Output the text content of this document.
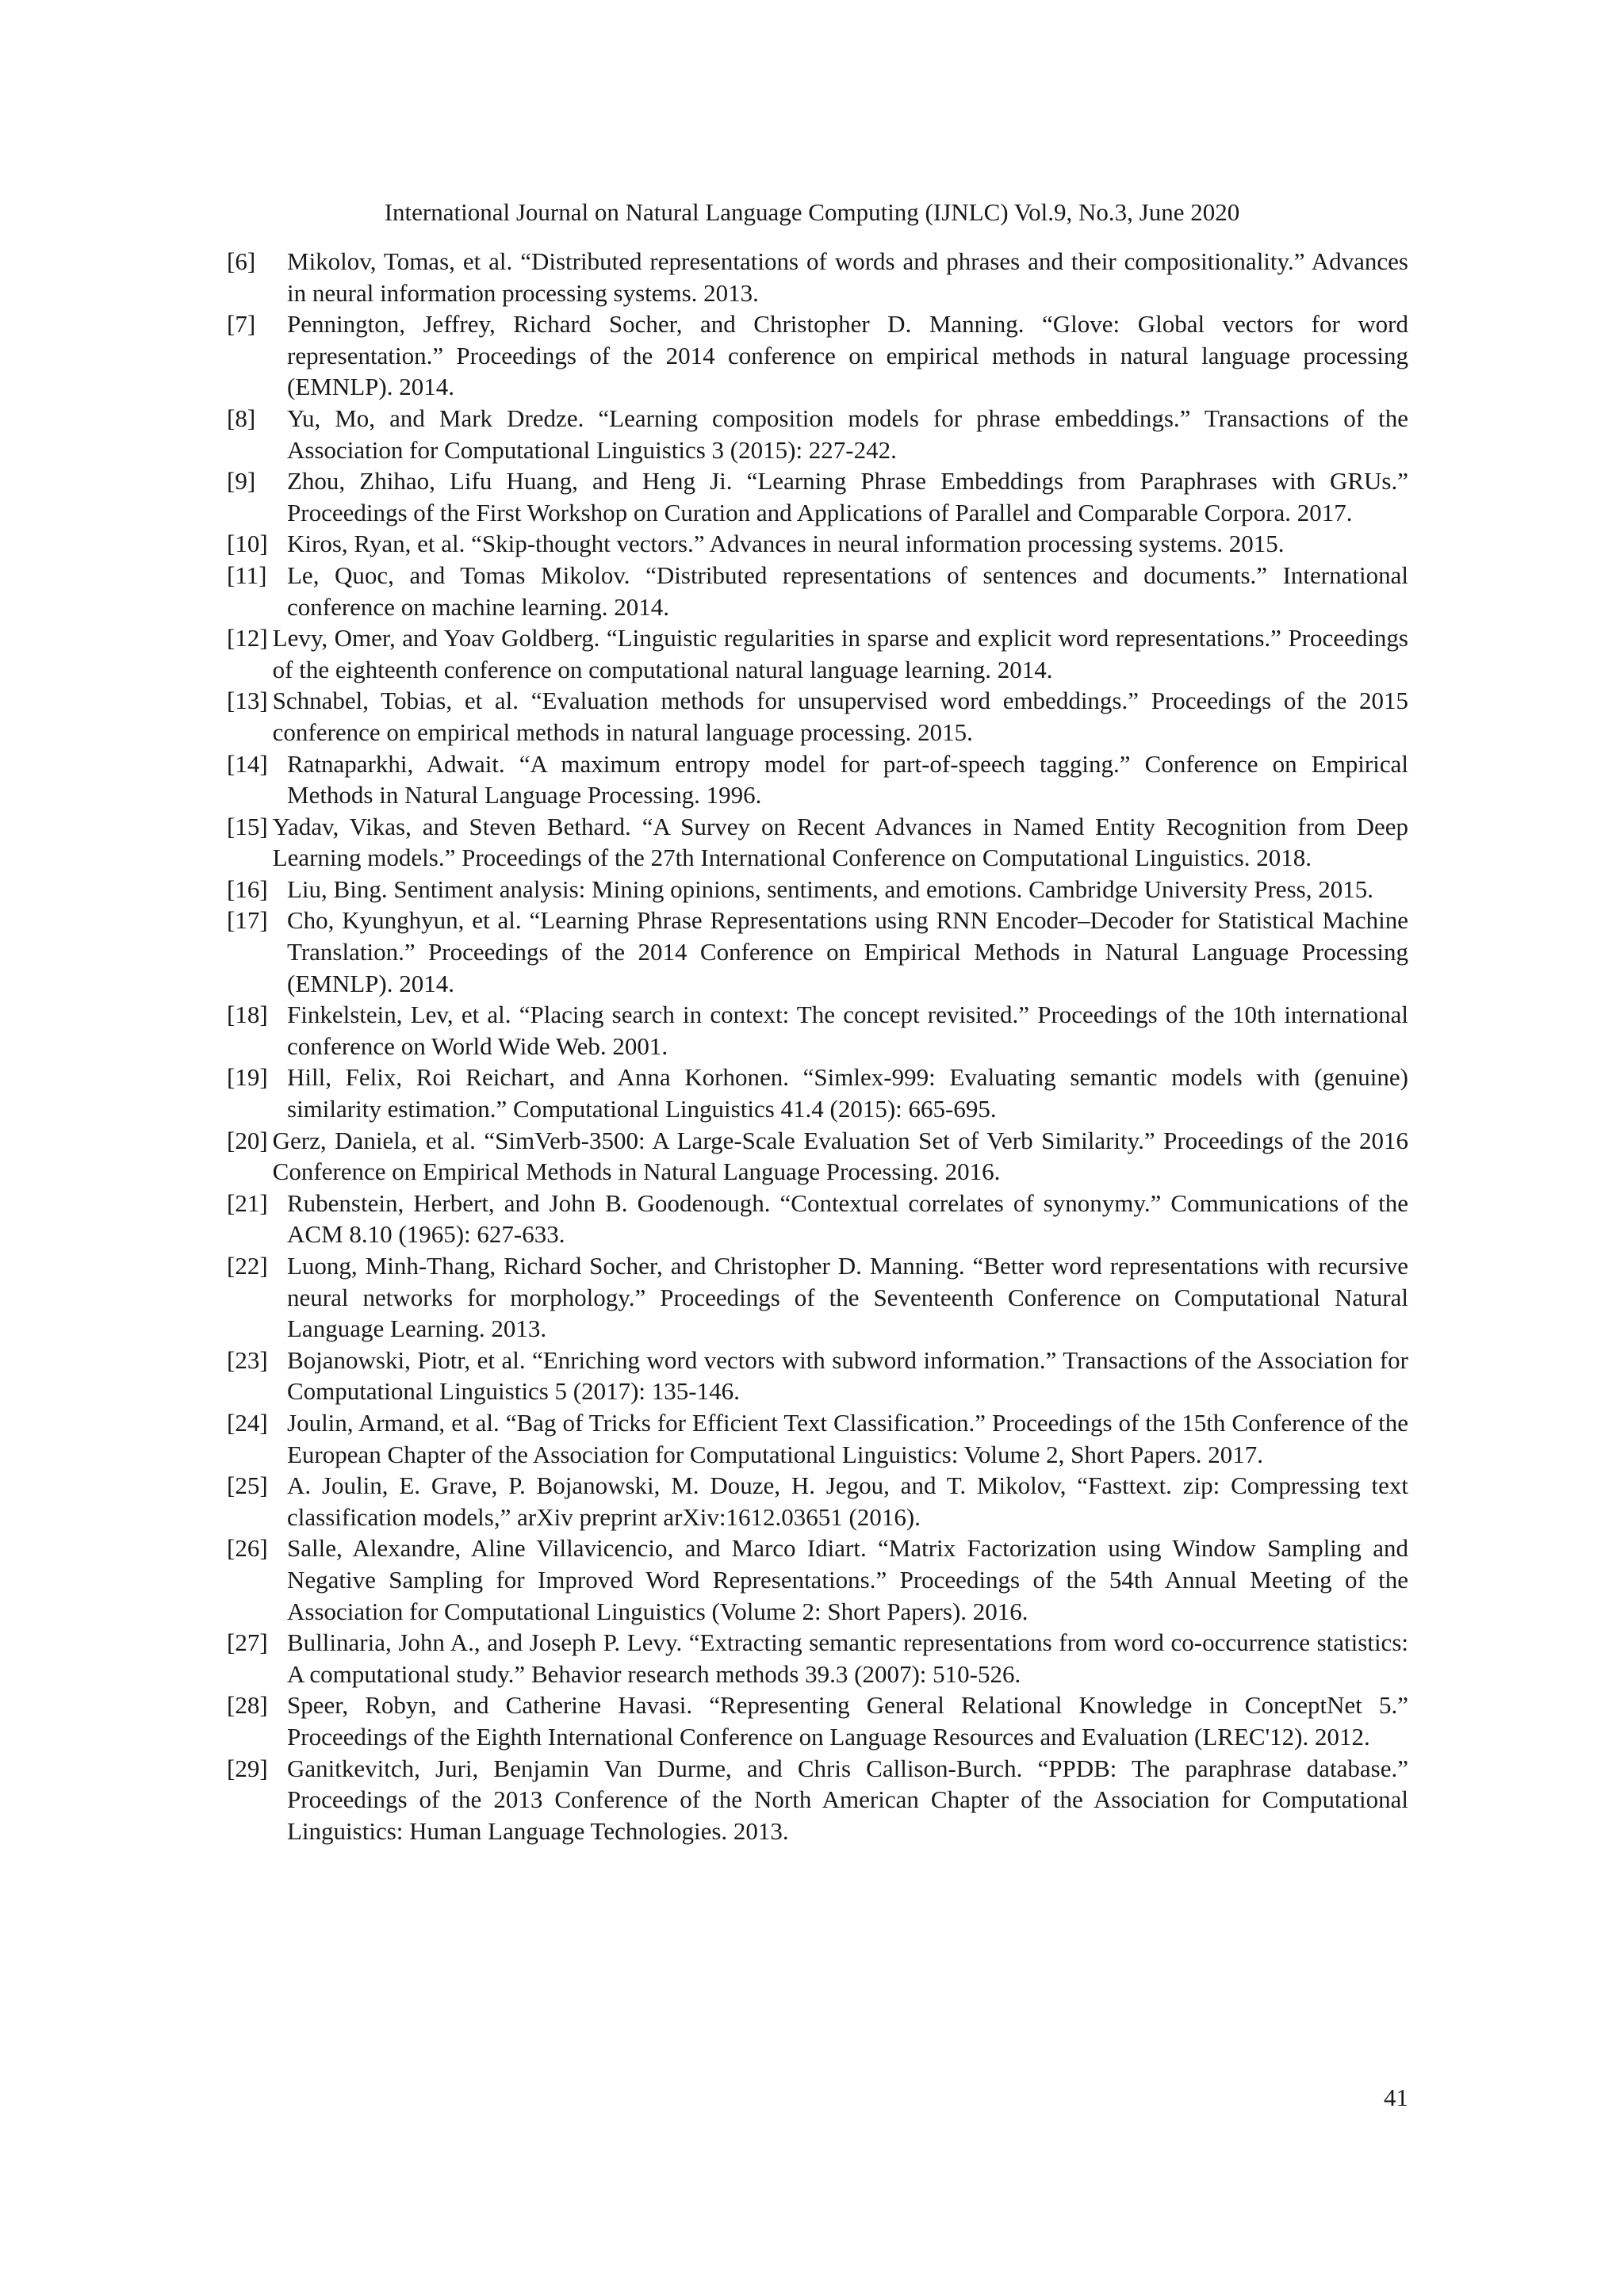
International Journal on Natural Language Computing (IJNLC) Vol.9, No.3, June 2020
[6]	Mikolov, Tomas, et al. “Distributed representations of words and phrases and their compositionality.” Advances in neural information processing systems. 2013.
[7]	Pennington, Jeffrey, Richard Socher, and Christopher D. Manning. “Glove: Global vectors for word representation.” Proceedings of the 2014 conference on empirical methods in natural language processing (EMNLP). 2014.
[8]	Yu, Mo, and Mark Dredze. “Learning composition models for phrase embeddings.” Transactions of the Association for Computational Linguistics 3 (2015): 227-242.
[9]	Zhou, Zhihao, Lifu Huang, and Heng Ji. “Learning Phrase Embeddings from Paraphrases with GRUs.” Proceedings of the First Workshop on Curation and Applications of Parallel and Comparable Corpora. 2017.
[10] Kiros, Ryan, et al. “Skip-thought vectors.” Advances in neural information processing systems. 2015.
[11] Le, Quoc, and Tomas Mikolov. “Distributed representations of sentences and documents.” International conference on machine learning. 2014.
[12] Levy, Omer, and Yoav Goldberg. “Linguistic regularities in sparse and explicit word representations.” Proceedings of the eighteenth conference on computational natural language learning. 2014.
[13] Schnabel, Tobias, et al. “Evaluation methods for unsupervised word embeddings.” Proceedings of the 2015 conference on empirical methods in natural language processing. 2015.
[14] Ratnaparkhi, Adwait. “A maximum entropy model for part-of-speech tagging.” Conference on Empirical Methods in Natural Language Processing. 1996.
[15] Yadav, Vikas, and Steven Bethard. “A Survey on Recent Advances in Named Entity Recognition from Deep Learning models.” Proceedings of the 27th International Conference on Computational Linguistics. 2018.
[16] Liu, Bing. Sentiment analysis: Mining opinions, sentiments, and emotions. Cambridge University Press, 2015.
[17] Cho, Kyunghyun, et al. “Learning Phrase Representations using RNN Encoder–Decoder for Statistical Machine Translation.” Proceedings of the 2014 Conference on Empirical Methods in Natural Language Processing (EMNLP). 2014.
[18] Finkelstein, Lev, et al. “Placing search in context: The concept revisited.” Proceedings of the 10th international conference on World Wide Web. 2001.
[19] Hill, Felix, Roi Reichart, and Anna Korhonen. “Simlex-999: Evaluating semantic models with (genuine) similarity estimation.” Computational Linguistics 41.4 (2015): 665-695.
[20] Gerz, Daniela, et al. “SimVerb-3500: A Large-Scale Evaluation Set of Verb Similarity.” Proceedings of the 2016 Conference on Empirical Methods in Natural Language Processing. 2016.
[21] Rubenstein, Herbert, and John B. Goodenough. “Contextual correlates of synonymy.” Communications of the ACM 8.10 (1965): 627-633.
[22] Luong, Minh-Thang, Richard Socher, and Christopher D. Manning. “Better word representations with recursive neural networks for morphology.” Proceedings of the Seventeenth Conference on Computational Natural Language Learning. 2013.
[23] Bojanowski, Piotr, et al. “Enriching word vectors with subword information.” Transactions of the Association for Computational Linguistics 5 (2017): 135-146.
[24] Joulin, Armand, et al. “Bag of Tricks for Efficient Text Classification.” Proceedings of the 15th Conference of the European Chapter of the Association for Computational Linguistics: Volume 2, Short Papers. 2017.
[25] A. Joulin, E. Grave, P. Bojanowski, M. Douze, H. Jegou, and T. Mikolov, “Fasttext. zip: Compressing text classification models,” arXiv preprint arXiv:1612.03651 (2016).
[26] Salle, Alexandre, Aline Villavicencio, and Marco Idiart. “Matrix Factorization using Window Sampling and Negative Sampling for Improved Word Representations.” Proceedings of the 54th Annual Meeting of the Association for Computational Linguistics (Volume 2: Short Papers). 2016.
[27] Bullinaria, John A., and Joseph P. Levy. “Extracting semantic representations from word co-occurrence statistics: A computational study.” Behavior research methods 39.3 (2007): 510-526.
[28] Speer, Robyn, and Catherine Havasi. “Representing General Relational Knowledge in ConceptNet 5.” Proceedings of the Eighth International Conference on Language Resources and Evaluation (LREC'12). 2012.
[29] Ganitkevitch, Juri, Benjamin Van Durme, and Chris Callison-Burch. “PPDB: The paraphrase database.” Proceedings of the 2013 Conference of the North American Chapter of the Association for Computational Linguistics: Human Language Technologies. 2013.
41
